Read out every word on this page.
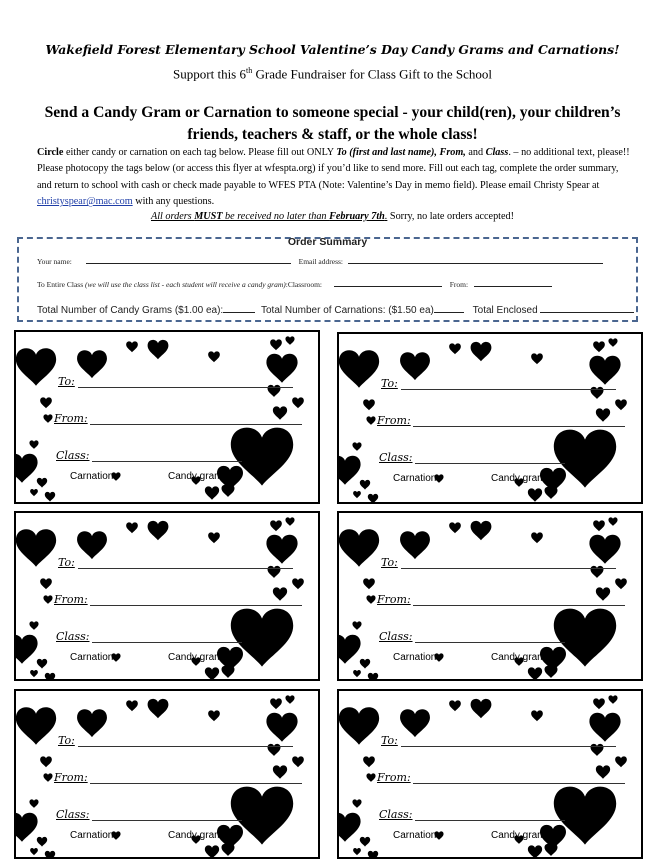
Wakefield Forest Elementary School Valentine’s Day Candy Grams and Carnations!
Support this 6th Grade Fundraiser for Class Gift to the School
Send a Candy Gram or Carnation to someone special - your child(ren), your children’s friends, teachers & staff, or the whole class!
Circle either candy or carnation on each tag below. Please fill out ONLY To (first and last name), From, and Class. – no additional text, please!! Please photocopy the tags below (or access this flyer at wfespta.org) if you’d like to send more. Fill out each tag, complete the order summary, and return to school with cash or check made payable to WFES PTA (Note: Valentine’s Day in memo field). Please email Christy Spear at christyspear@mac.com with any questions.
All orders MUST be received no later than February 7th. Sorry, no late orders accepted!
Order Summary
Your name:	Email address:
To Entire Class (we will use the class list - each student will receive a candy gram):Classroom:	From:
Total Number of Candy Grams ($1.00 ea):	Total Number of Carnations: ($1.50 ea)	Total Enclosed
To:
From:
Class:
Carnation	Candy gram
To:
From:
Class:
Carnation	Candy gram
To:
From:
Class:
Carnation	Candy gram
To:
From:
Class:
Carnation	Candy gram
To:
From:
Class:
Carnation	Candy gram
To:
From:
Class:
Carnation	Candy gram
